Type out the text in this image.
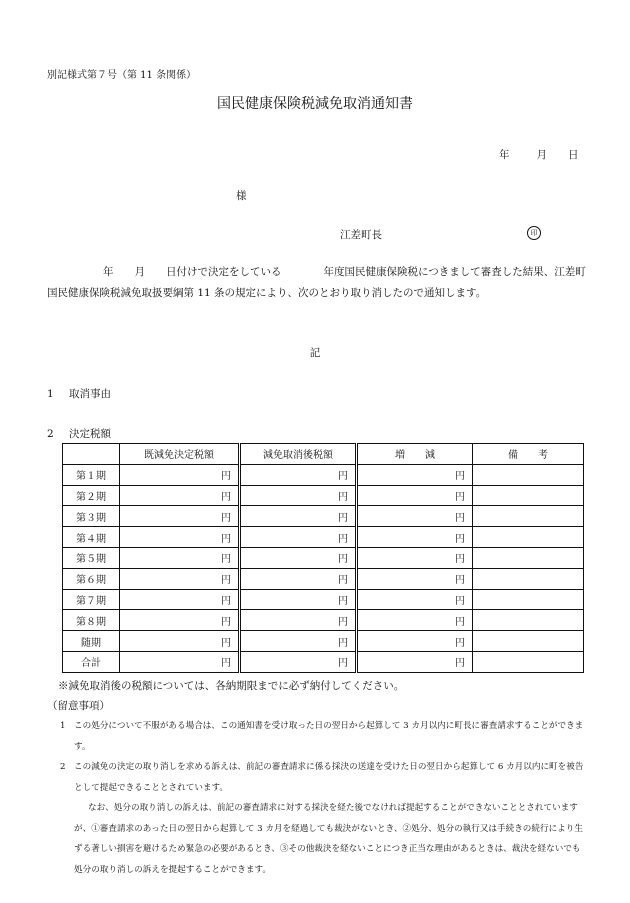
別記様式第７号（第 11 条関係）
国民健康保険税減免取消通知書
年	月 日
様
江差町長	印

年　　月　　日付けで決定をしている　　　　年度国民健康保険税につきまして審査した結果、江差町国民健康保険税減免取扱要綱第 11 条の規定により、次のとおり取り消したので通知します。

記
1 取消事由
2 決定税額
	既減免決定税額	減免取消後税額	増　　減	備　　考
第１期	円	円	円	
第２期	円	円	円	
第３期	円	円	円	
第４期	円	円	円	
第５期	円	円	円	
第６期	円	円	円	
第７期	円	円	円	
第８期	円	円	円	
随期	円	円	円	
合計	円	円	円	
※減免取消後の税額については、各納期限までに必ず納付してください。
（留意事項）
1　この処分について不服がある場合は、この通知書を受け取った日の翌日から起算して 3 カ月以内に町長に審査請求することができます。
2　この減免の決定の取り消しを求める訴えは、前記の審査請求に係る採決の送達を受けた日の翌日から起算して 6 カ月以内に町を被告として提起できることとされています。
なお、処分の取り消しの訴えは、前記の審査請求に対する採決を経た後でなければ提起することができないこととされていますが、①審査請求のあった日の翌日から起算して 3 カ月を経過しても裁決がないとき、②処分、処分の執行又は手続きの続行により生ずる著しい損害を避けるため緊急の必要があるとき、③その他裁決を経ないことにつき正当な理由があるときは、裁決を経ないでも処分の取り消しの訴えを提起することができます。
